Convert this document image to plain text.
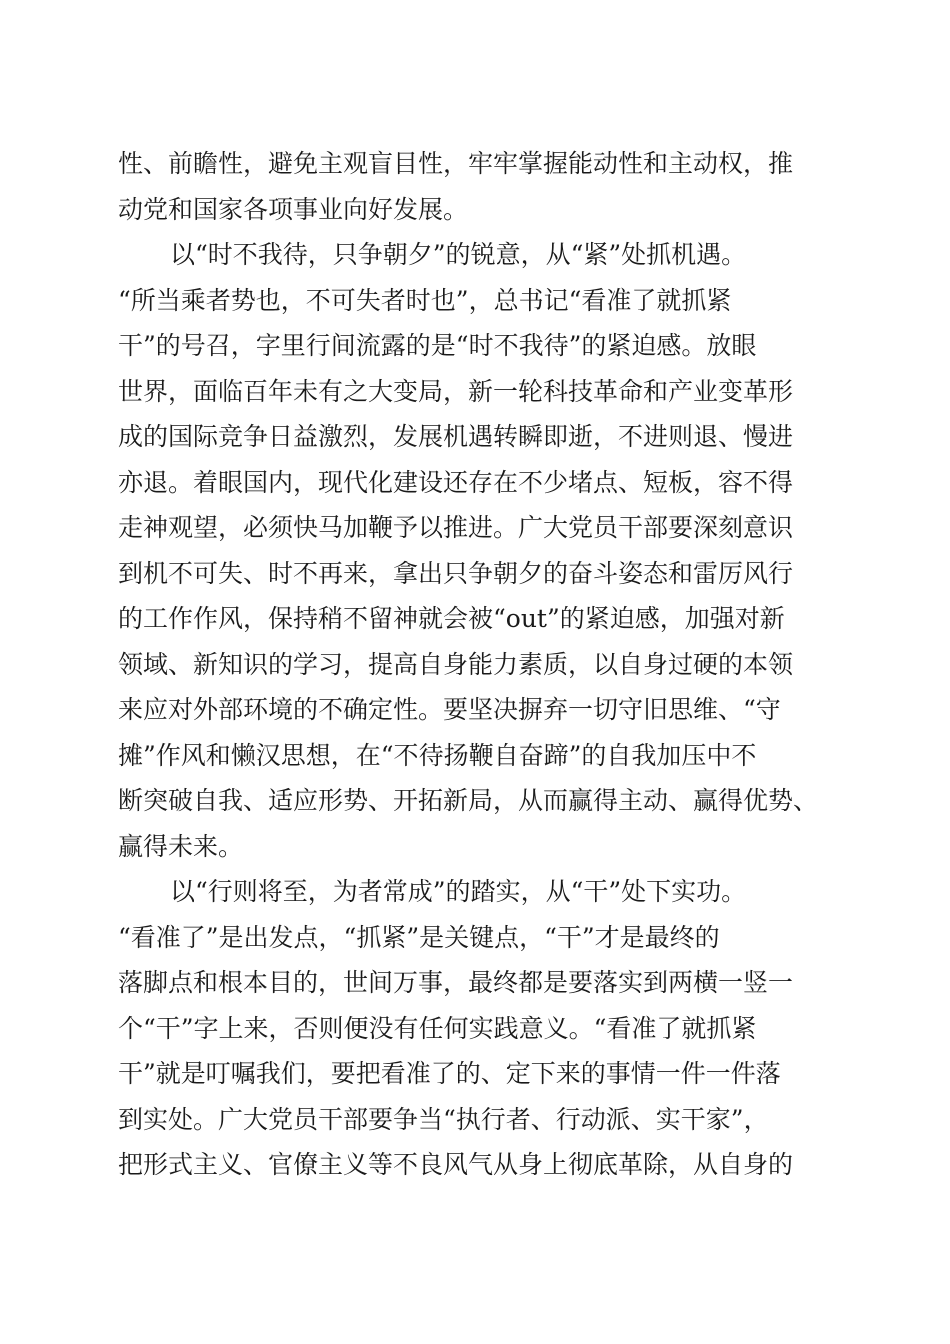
性、前瞻性，避免主观盲目性，牢牢掌握能动性和主动权，推
动党和国家各项事业向好发展。
以“时不我待，只争朝夕”的锐意，从“紧”处抓机遇。
“所当乘者势也，不可失者时也”，总书记“看准了就抓紧
干”的号召，字里行间流露的是“时不我待”的紧迫感。放眼
世界，面临百年未有之大变局，新一轮科技革命和产业变革形
成的国际竞争日益激烈，发展机遇转瞬即逝，不进则退、慢进
亦退。着眼国内，现代化建设还存在不少堵点、短板，容不得
走神观望，必须快马加鞭予以推进。广大党员干部要深刻意识
到机不可失、时不再来，拿出只争朝夕的奋斗姿态和雷厉风行
的工作作风，保持稍不留神就会被“out”的紧迫感，加强对新
领域、新知识的学习，提高自身能力素质，以自身过硬的本领
来应对外部环境的不确定性。要坚决摒弃一切守旧思维、“守
摊”作风和懒汉思想，在“不待扬鞭自奋蹄”的自我加压中不
断突破自我、适应形势、开拓新局，从而赢得主动、赢得优势、
赢得未来。
以“行则将至，为者常成”的踏实，从“干”处下实功。
“看准了”是出发点，“抓紧”是关键点，“干”才是最终的
落脚点和根本目的，世间万事，最终都是要落实到两横一竖一
个“干”字上来，否则便没有任何实践意义。“看准了就抓紧
干”就是叮嘱我们，要把看准了的、定下来的事情一件一件落
到实处。广大党员干部要争当“执行者、行动派、实干家”，
把形式主义、官僚主义等不良风气从身上彻底革除，从自身的
